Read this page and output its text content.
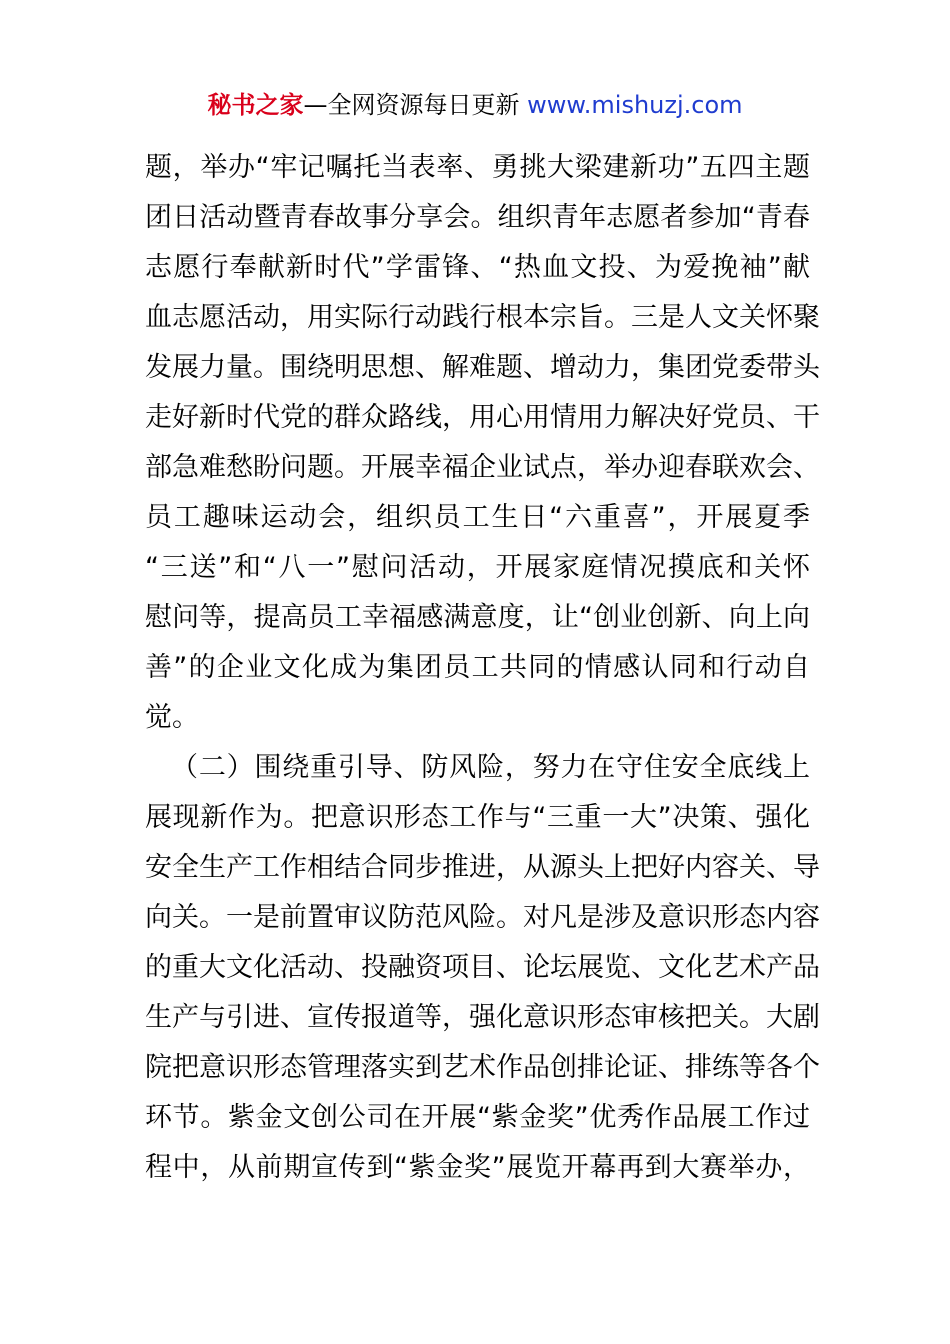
秘书之家—全网资源每日更新 www.mishuzj.com
题，举办“牢记嘱托当表率、勇挑大梁建新功”五四主题
团日活动暨青春故事分享会。组织青年志愿者参加“青春
志愿行奉献新时代”学雷锋、“热血文投、为爱挽袖”献
血志愿活动，用实际行动践行根本宗旨。三是人文关怀聚
发展力量。围绕明思想、解难题、增动力，集团党委带头
走好新时代党的群众路线，用心用情用力解决好党员、干
部急难愁盼问题。开展幸福企业试点，举办迎春联欢会、
员工趣味运动会，组织员工生日“六重喜”，开展夏季
“三送”和“八一”慰问活动，开展家庭情况摸底和关怀
慰问等，提高员工幸福感满意度，让“创业创新、向上向
善”的企业文化成为集团员工共同的情感认同和行动自
觉。
（二）围绕重引导、防风险，努力在守住安全底线上
展现新作为。把意识形态工作与“三重一大”决策、强化
安全生产工作相结合同步推进，从源头上把好内容关、导
向关。一是前置审议防范风险。对凡是涉及意识形态内容
的重大文化活动、投融资项目、论坛展览、文化艺术产品
生产与引进、宣传报道等，强化意识形态审核把关。大剧
院把意识形态管理落实到艺术作品创排论证、排练等各个
环节。紫金文创公司在开展“紫金奖”优秀作品展工作过
程中，从前期宣传到“紫金奖”展览开幕再到大赛举办，
